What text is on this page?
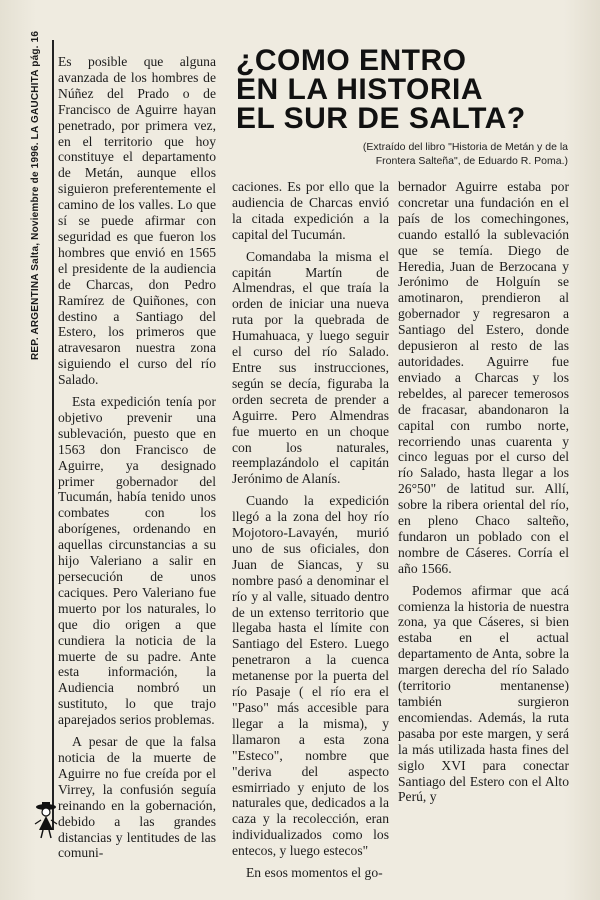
REP. ARGENTINA Salta, Noviembre de 1996. LA GAUCHITA pág. 16	¿COMO ENTRO
EN LA HISTORIA
EL SUR DE SALTA?
(Extraído del libro "Historia de Metán y de la
Frontera Salteña", de Eduardo R. Poma.)

Es posible que alguna avanzada de los hombres de Núñez del Prado o de Francisco de Aguirre hayan penetrado, por primera vez, en el territorio que hoy constituye el departamento de Metán, aunque ellos siguieron preferentemente el camino de los valles. Lo que sí se puede afirmar con seguridad es que fueron los hombres que envió en 1565 el presidente de la audiencia de Charcas, don Pedro Ramírez de Quiñones, con destino a Santiago del Estero, los primeros que atravesaron nuestra zona siguiendo el curso del río Salado.

Esta expedición tenía por objetivo prevenir una sublevación, puesto que en 1563 don Francisco de Aguirre, ya designado primer gobernador del Tucumán, había tenido unos combates con los aborígenes, ordenando en aquellas circunstancias a su hijo Valeriano a salir en persecución de unos caciques. Pero Valeriano fue muerto por los naturales, lo que dio origen a que cundiera la noticia de la muerte de su padre. Ante esta información, la Audiencia nombró un sustituto, lo que trajo aparejados serios problemas.

A pesar de que la falsa noticia de la muerte de Aguirre no fue creída por el Virrey, la confusión seguía reinando en la gobernación, debido a las grandes distancias y lentitudes de las comuni-

caciones. Es por ello que la audiencia de Charcas envió la citada expedición a la capital del Tucumán.

Comandaba la misma el capitán Martín de Almendras, el que traía la orden de iniciar una nueva ruta por la quebrada de Humahuaca, y luego seguir el curso del río Salado. Entre sus instrucciones, según se decía, figuraba la orden secreta de prender a Aguirre. Pero Almendras fue muerto en un choque con los naturales, reemplazándolo el capitán Jerónimo de Alanís.

Cuando la expedición llegó a la zona del hoy río Mojotoro-Lavayén, murió uno de sus oficiales, don Juan de Siancas, y su nombre pasó a denominar el río y al valle, situado dentro de un extenso territorio que llegaba hasta el límite con Santiago del Estero. Luego penetraron a la cuenca metanense por la puerta del río Pasaje ( el río era el "Paso" más accesible para llegar a la misma), y llamaron a esta zona "Esteco", nombre que "deriva del aspecto esmirriado y enjuto de los naturales que, dedicados a la caza y la recolección, eran individualizados como los entecos, y luego estecos"

En esos momentos el go-

bernador Aguirre estaba por concretar una fundación en el país de los comechingones, cuando estalló la sublevación que se temía. Diego de Heredia, Juan de Berzocana y Jerónimo de Holguín se amotinaron, prendieron al gobernador y regresaron a Santiago del Estero, donde depusieron al resto de las autoridades. Aguirre fue enviado a Charcas y los rebeldes, al parecer temerosos de fracasar, abandonaron la capital con rumbo norte, recorriendo unas cuarenta y cinco leguas por el curso del río Salado, hasta llegar a los 26°50" de latitud sur. Allí, sobre la ribera oriental del río, en pleno Chaco salteño, fundaron un poblado con el nombre de Cáseres. Corría el año 1566.

Podemos afirmar que acá comienza la historia de nuestra zona, ya que Cáseres, si bien estaba en el actual departamento de Anta, sobre la margen derecha del río Salado (territorio mentanense) también surgieron encomiendas. Además, la ruta pasaba por este margen, y será la más utilizada hasta fines del siglo XVI para conectar Santiago del Estero con el Alto Perú, y
